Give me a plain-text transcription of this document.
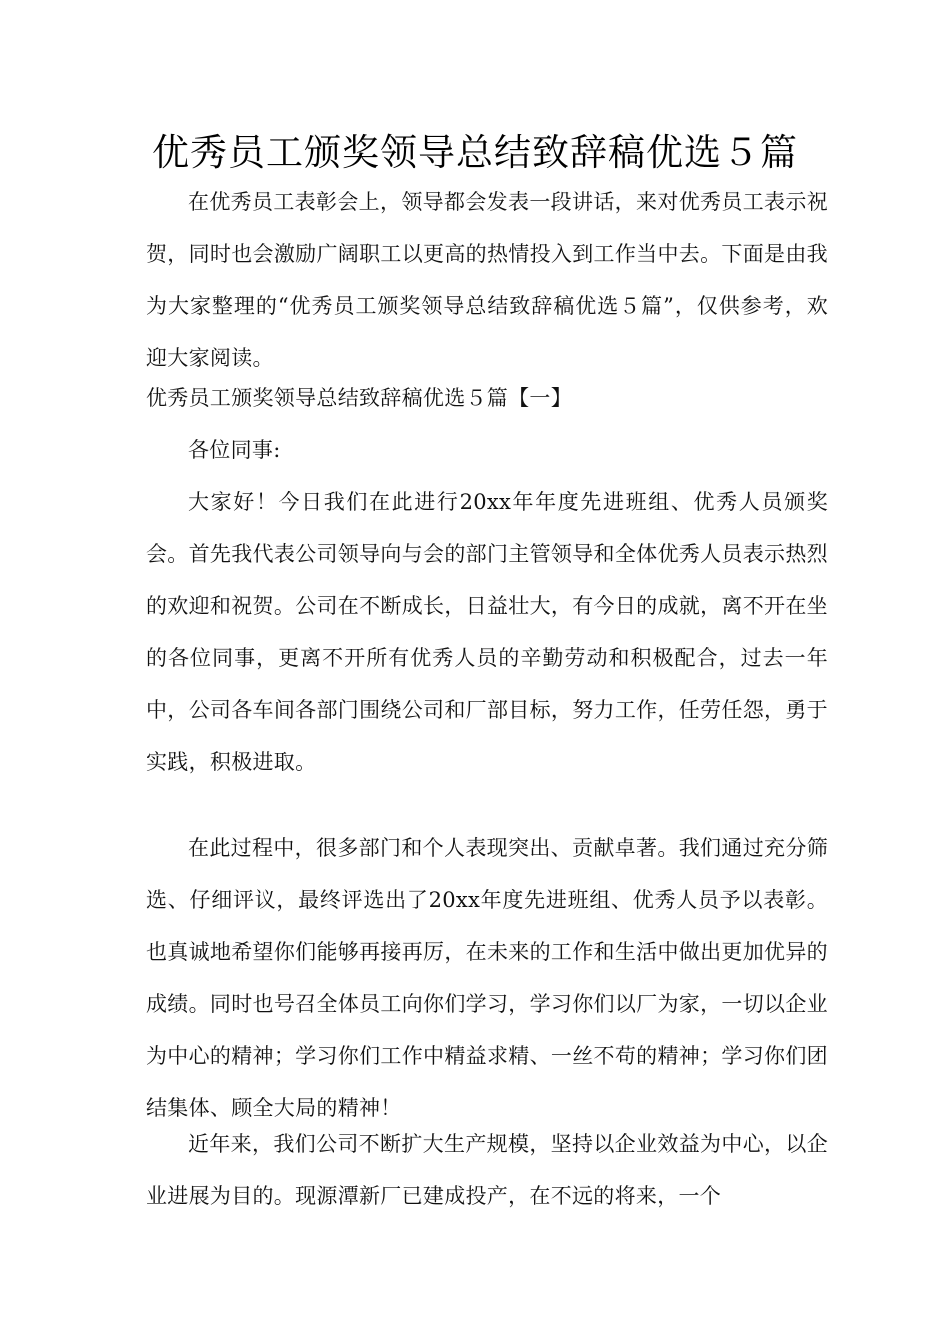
优秀员工颁奖领导总结致辞稿优选５篇

在优秀员工表彰会上，领导都会发表一段讲话，来对优秀员工表示祝贺，同时也会激励广阔职工以更高的热情投入到工作当中去。下面是由我为大家整理的“优秀员工颁奖领导总结致辞稿优选５篇”，仅供参考，欢迎大家阅读。

优秀员工颁奖领导总结致辞稿优选５篇【一】

各位同事:

大家好！今日我们在此进行20xx年年度先进班组、优秀人员颁奖会。首先我代表公司领导向与会的部门主管领导和全体优秀人员表示热烈的欢迎和祝贺。公司在不断成长，日益壮大，有今日的成就，离不开在坐的各位同事，更离不开所有优秀人员的辛勤劳动和积极配合，过去一年中，公司各车间各部门围绕公司和厂部目标，努力工作，任劳任怨，勇于实践，积极进取。

在此过程中，很多部门和个人表现突出、贡献卓著。我们通过充分筛选、仔细评议，最终评选出了20xx年度先进班组、优秀人员予以表彰。也真诚地希望你们能够再接再厉，在未来的工作和生活中做出更加优异的成绩。同时也号召全体员工向你们学习，学习你们以厂为家，一切以企业为中心的精神；学习你们工作中精益求精、一丝不苟的精神；学习你们团结集体、顾全大局的精神！

近年来，我们公司不断扩大生产规模，坚持以企业效益为中心，以企业进展为目的。现源潭新厂已建成投产，在不远的将来，一个
